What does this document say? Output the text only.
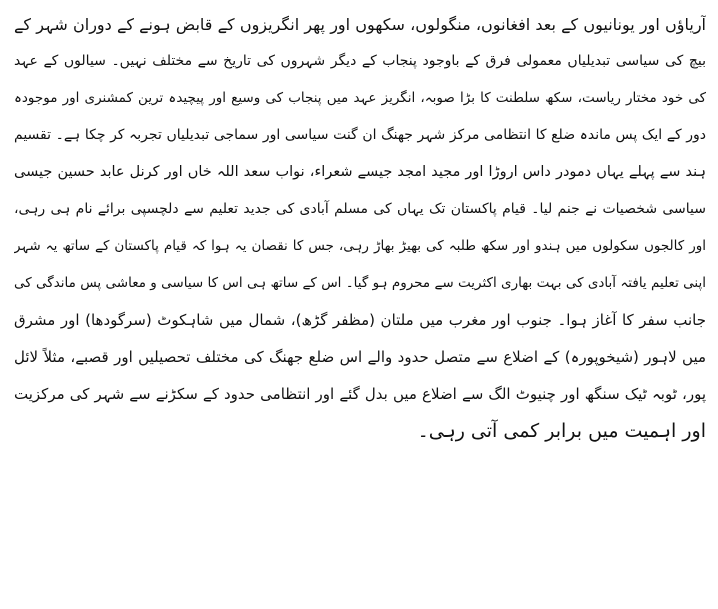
آریاؤں اور یونانیوں کے بعد افغانوں، منگولوں، سکھوں اور پھر انگریزوں کے قابض ہونے کے دوران شہر کے
بیچ کی سیاسی تبدیلیاں معمولی فرق کے باوجود پنجاب کے دیگر شہروں کی تاریخ سے مختلف نہیں۔ سیالوں کے عہد
کی خود مختار ریاست، سکھ سلطنت کا بڑا صوبہ، انگریز عہد میں پنجاب کی وسیع اور پیچیدہ ترین کمشنری اور موجودہ
دور کے ایک پس ماندہ ضلع کا انتظامی مرکز شہر جھنگ ان گنت سیاسی اور سماجی تبدیلیاں تجربہ کر چکا ہے۔ تقسیم
ہند سے پہلے یہاں دمودر داس اروڑا اور مجید امجد جیسے شعراء، نواب سعد اللہ خاں اور کرنل عابد حسین جیسی
سیاسی شخصیات نے جنم لیا۔ قیام پاکستان تک یہاں کی مسلم آبادی کی جدید تعلیم سے دلچسپی برائے نام ہی رہی،
اور کالجوں سکولوں میں ہندو اور سکھ طلبہ کی بھیڑ بھاڑ رہی، جس کا نقصان یہ ہوا کہ قیام پاکستان کے ساتھ یہ شہر
اپنی تعلیم یافتہ آبادی کی بہت بھاری اکثریت سے محروم ہو گیا۔ اس کے ساتھ ہی اس کا سیاسی و معاشی پس ماندگی کی
جانب سفر کا آغاز ہوا۔ جنوب اور مغرب میں ملتان (مظفر گڑھ)، شمال میں شاہکوٹ (سرگودھا) اور مشرق
میں لاہور (شیخوپورہ) کے اضلاع سے متصل حدود والے اس ضلع جھنگ کی مختلف تحصیلیں اور قصبے، مثلاً لائل
پور، ٹوبہ ٹیک سنگھ اور چنیوٹ الگ سے اضلاع میں بدل گئے اور انتظامی حدود کے سکڑنے سے شہر کی مرکزیت
اور اہمیت میں برابر کمی آتی رہی۔
